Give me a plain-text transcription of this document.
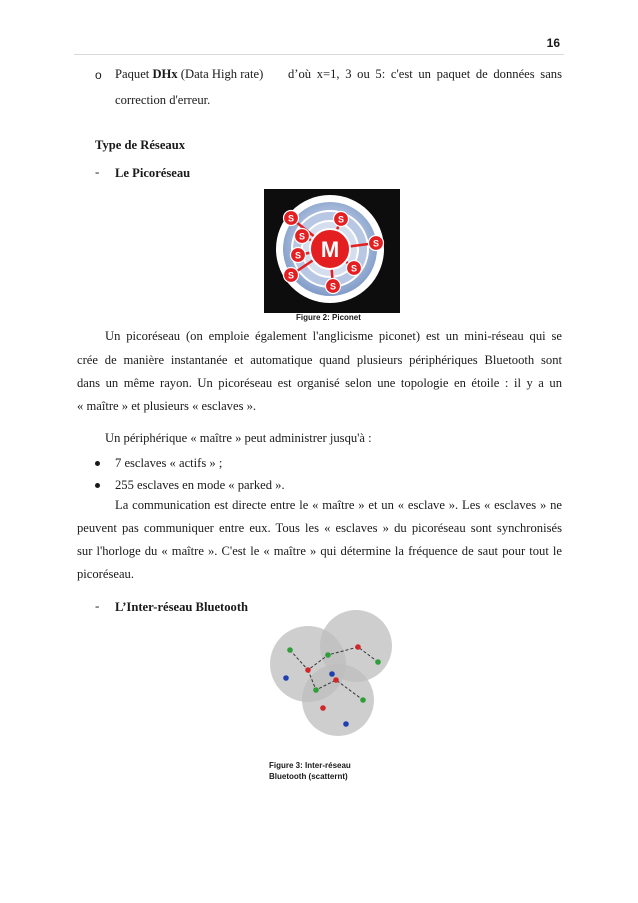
16
o Paquet DHx (Data High rate) d’où x=1, 3 ou 5: c'est un paquet de données sans
correction d'erreur.
Type de Réseaux
- Le Picoréseau
M
S	S
S
S
S
S
S
S
Figure 2: Piconet
Un picoréseau (on emploie également l'anglicisme piconet) est un mini-réseau qui se
crée de manière instantanée et automatique quand plusieurs périphériques Bluetooth sont
dans un même rayon. Un picoréseau est organisé selon une topologie en étoile : il y a un
« maître » et plusieurs « esclaves ».
Un périphérique « maître » peut administrer jusqu'à :
7 esclaves « actifs » ;
255 esclaves en mode « parked ».
La communication est directe entre le « maître » et un « esclave ». Les « esclaves » ne
peuvent pas communiquer entre eux. Tous les « esclaves » du picoréseau sont synchronisés
sur l'horloge du « maître ». C'est le « maître » qui détermine la fréquence de saut pour tout le
picoréseau.
- L’Inter-réseau Bluetooth
Figure 3: Inter-réseau
Bluetooth (scatternt)
